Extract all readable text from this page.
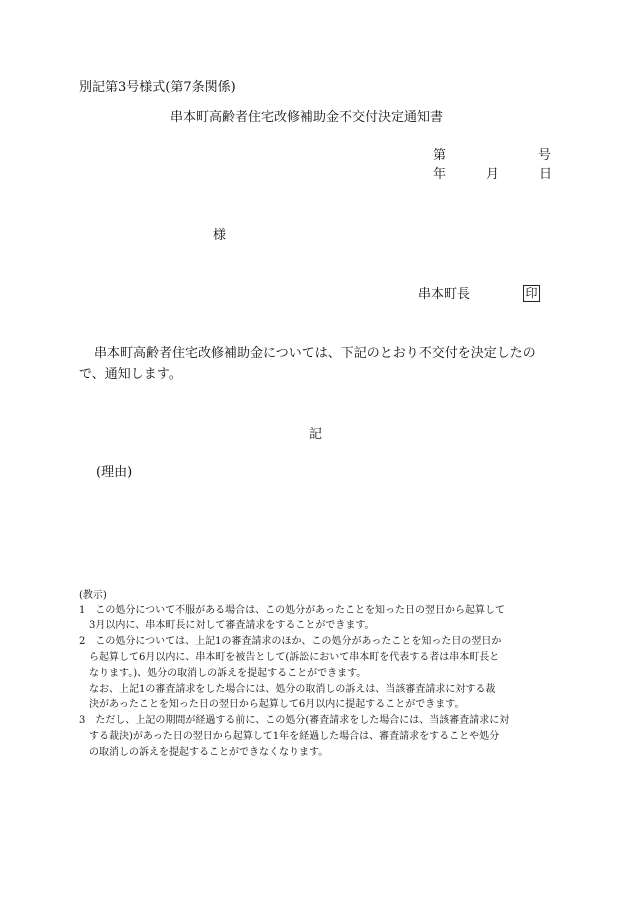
別記第3号様式(第7条関係)
串本町高齢者住宅改修補助金不交付決定通知書
第	号
年	月	日
様
串本町長	印
串本町高齢者住宅改修補助金については、下記のとおり不交付を決定したの
で、通知します。
記
(理由)
(教示)
1　この処分について不服がある場合は、この処分があったことを知った日の翌日から起算して
3月以内に、串本町長に対して審査請求をすることができます。
2　この処分については、上記1の審査請求のほか、この処分があったことを知った日の翌日か
ら起算して6月以内に、串本町を被告として(訴訟において串本町を代表する者は串本町長と
なります。)、処分の取消しの訴えを提起することができます。
なお、上記1の審査請求をした場合には、処分の取消しの訴えは、当該審査請求に対する裁
決があったことを知った日の翌日から起算して6月以内に提起することができます。
3　ただし、上記の期間が経過する前に、この処分(審査請求をした場合には、当該審査請求に対
する裁決)があった日の翌日から起算して1年を経過した場合は、審査請求をすることや処分
の取消しの訴えを提起することができなくなります。
